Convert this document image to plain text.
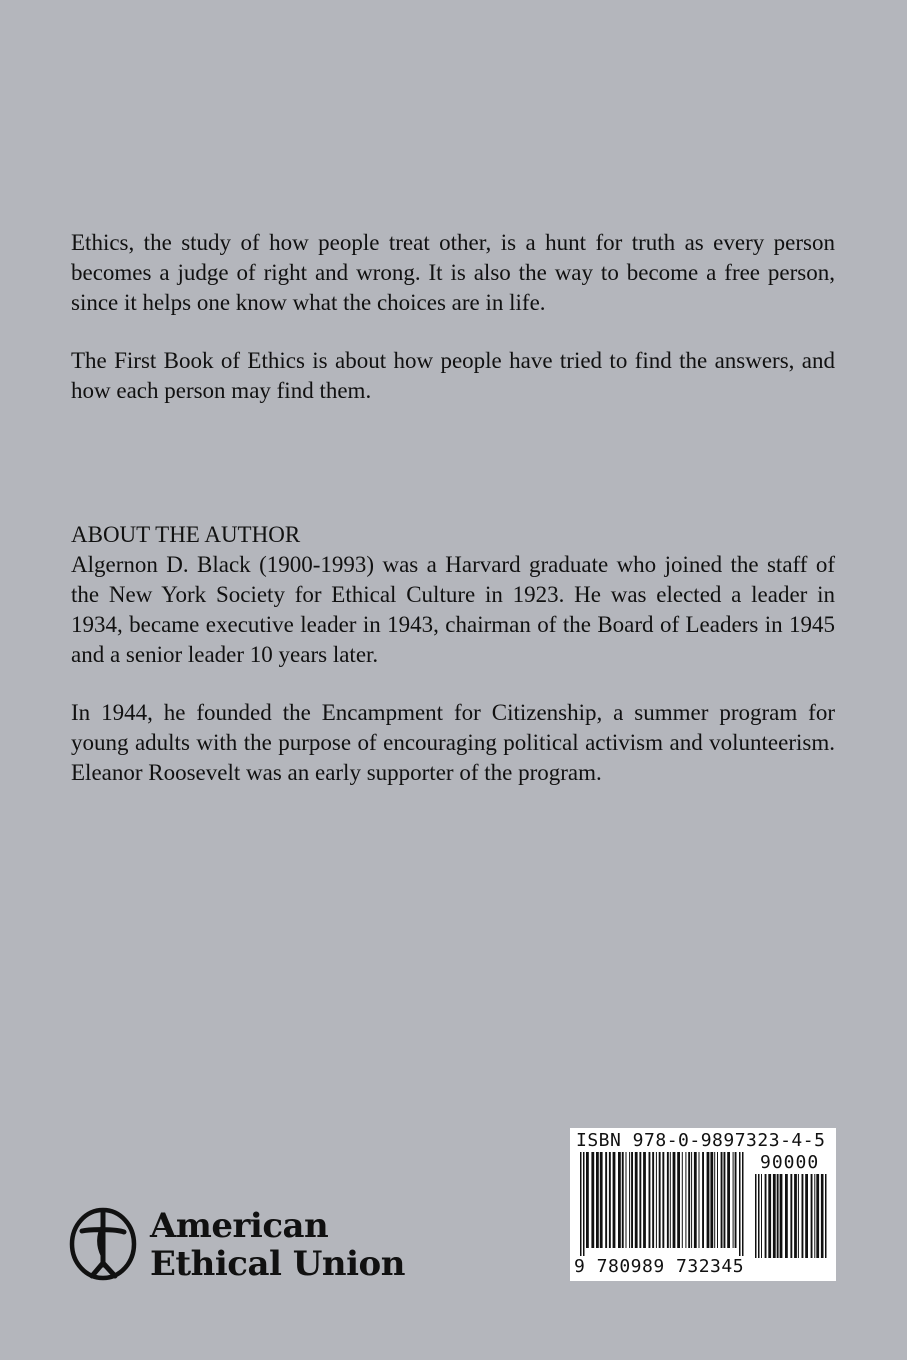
Ethics, the study of how people treat other, is a hunt for truth as every person becomes a judge of right and wrong. It is also the way to become a free person, since it helps one know what the choices are in life.

The First Book of Ethics is about how people have tried to find the answers, and how each person may find them.

ABOUT THE AUTHOR

Algernon D. Black (1900-1993) was a Harvard graduate who joined the staff of the New York Society for Ethical Culture in 1923. He was elected a leader in 1934, became executive leader in 1943, chairman of the Board of Leaders in 1945 and a senior leader 10 years later.

In 1944, he founded the Encampment for Citizenship, a summer program for young adults with the purpose of encouraging political activism and volunteerism. Eleanor Roosevelt was an early supporter of the program.

American
Ethical Union
ISBN 978-0-9897323-4-5
90000
9 780989 732345
